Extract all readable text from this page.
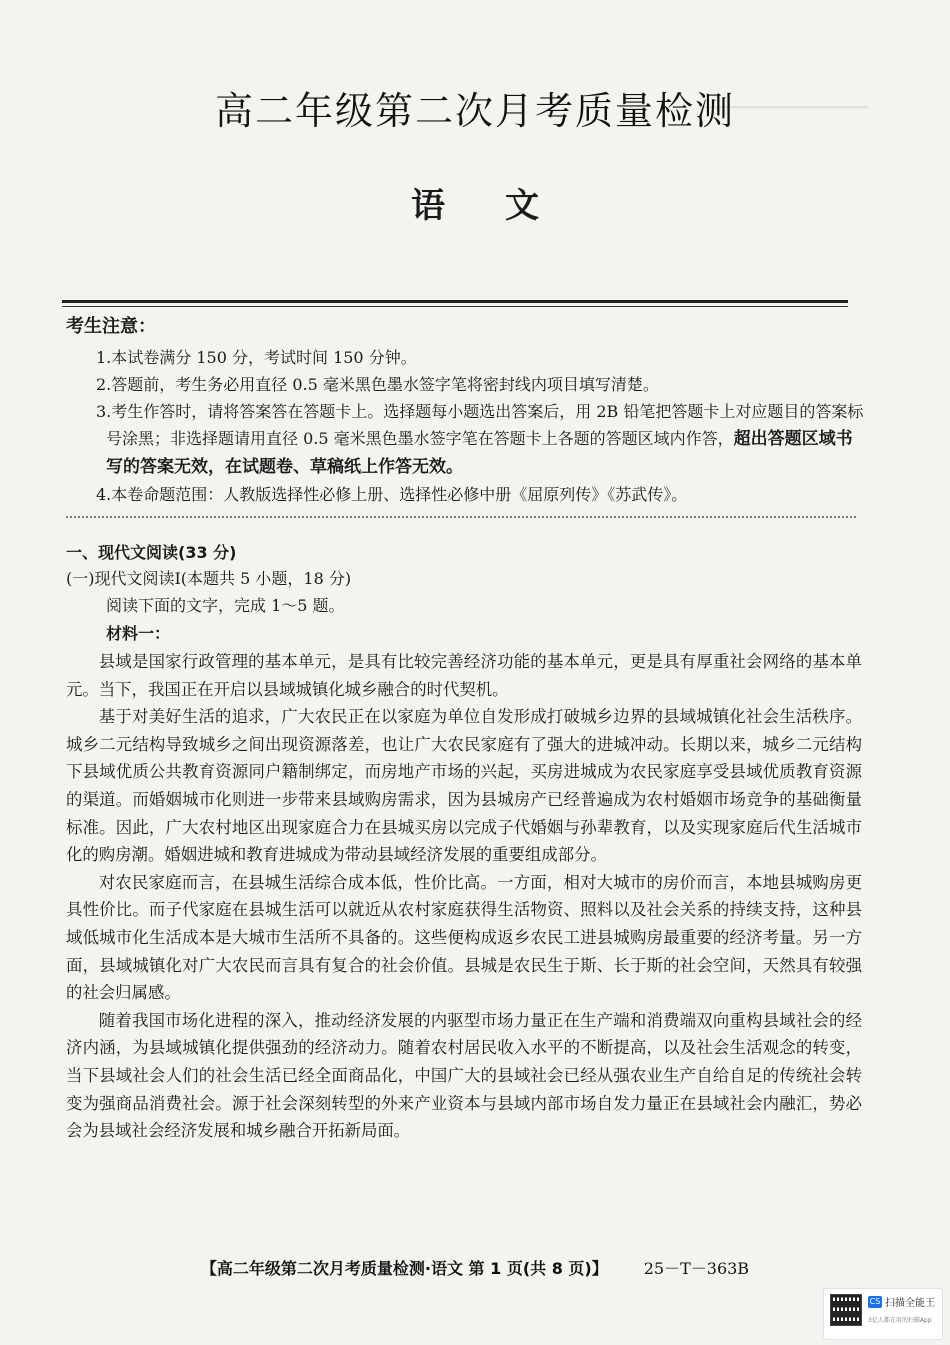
━━━━━━━━━━━━━━━━━━━━
高二年级第二次月考质量检测
语文
考生注意：
1.本试卷满分 150 分，考试时间 150 分钟。
2.答题前，考生务必用直径 0.5 毫米黑色墨水签字笔将密封线内项目填写清楚。
3.考生作答时，请将答案答在答题卡上。选择题每小题选出答案后，用 2B 铅笔把答题卡上对应题目的答案标号涂黑；非选择题请用直径 0.5 毫米黑色墨水签字笔在答题卡上各题的答题区域内作答，超出答题区域书写的答案无效，在试题卷、草稿纸上作答无效。
4.本卷命题范围：人教版选择性必修上册、选择性必修中册《屈原列传》《苏武传》。
一、现代文阅读(33 分)
(一)现代文阅读Ⅰ(本题共 5 小题，18 分)
阅读下面的文字，完成 1～5 题。
材料一：

县域是国家行政管理的基本单元，是具有比较完善经济功能的基本单元，更是具有厚重社会网络的基本单元。当下，我国正在开启以县域城镇化城乡融合的时代契机。

基于对美好生活的追求，广大农民正在以家庭为单位自发形成打破城乡边界的县域城镇化社会生活秩序。城乡二元结构导致城乡之间出现资源落差，也让广大农民家庭有了强大的进城冲动。长期以来，城乡二元结构下县域优质公共教育资源同户籍制绑定，而房地产市场的兴起，买房进城成为农民家庭享受县域优质教育资源的渠道。而婚姻城市化则进一步带来县域购房需求，因为县城房产已经普遍成为农村婚姻市场竞争的基础衡量标准。因此，广大农村地区出现家庭合力在县城买房以完成子代婚姻与孙辈教育，以及实现家庭后代生活城市化的购房潮。婚姻进城和教育进城成为带动县域经济发展的重要组成部分。

对农民家庭而言，在县城生活综合成本低，性价比高。一方面，相对大城市的房价而言，本地县城购房更具性价比。而子代家庭在县城生活可以就近从农村家庭获得生活物资、照料以及社会关系的持续支持，这种县域低城市化生活成本是大城市生活所不具备的。这些便构成返乡农民工进县城购房最重要的经济考量。另一方面，县域城镇化对广大农民而言具有复合的社会价值。县城是农民生于斯、长于斯的社会空间，天然具有较强的社会归属感。

随着我国市场化进程的深入，推动经济发展的内驱型市场力量正在生产端和消费端双向重构县域社会的经济内涵，为县域城镇化提供强劲的经济动力。随着农村居民收入水平的不断提高，以及社会生活观念的转变，当下县域社会人们的社会生活已经全面商品化，中国广大的县域社会已经从强农业生产自给自足的传统社会转变为强商品消费社会。源于社会深刻转型的外来产业资本与县域内部市场自发力量正在县域社会内融汇，势必会为县域社会经济发展和城乡融合开拓新局面。

【高二年级第二次月考质量检测·语文 第 1 页(共 8 页)】 25－T－363B
CS 扫描全能王
3亿人都在用的扫描App
